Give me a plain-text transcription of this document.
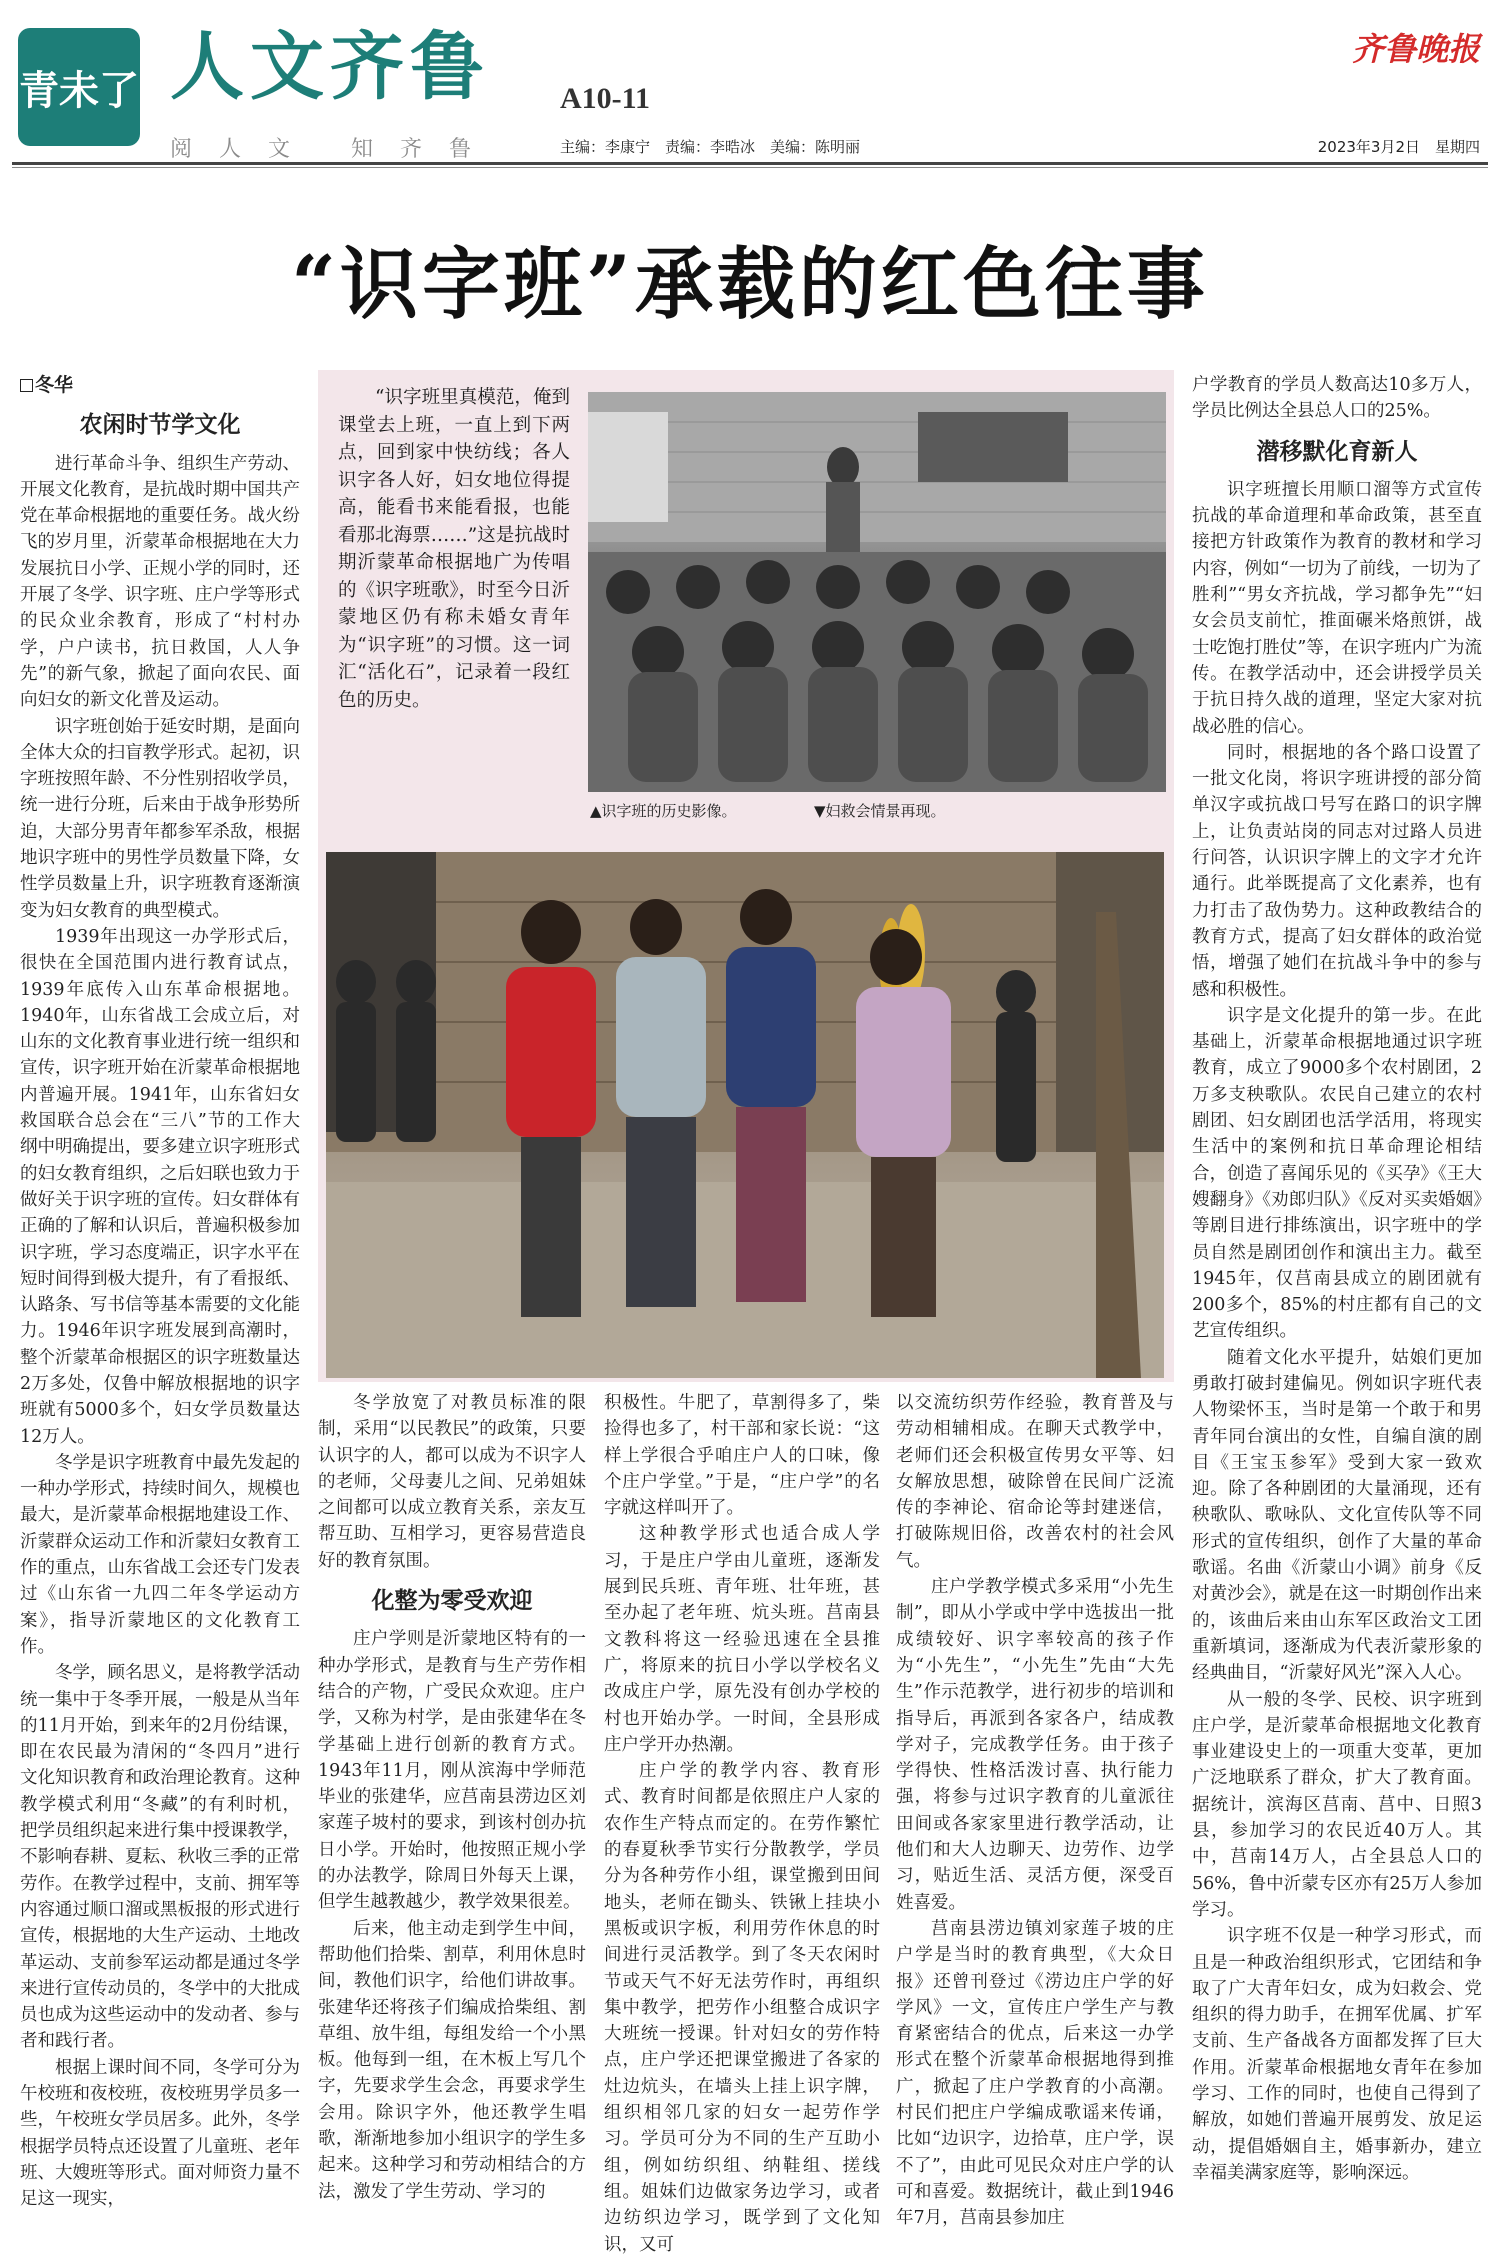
青未了 人文齐鲁 A10-11
阅人文 知齐鲁	主编：李康宁　责编：李晧冰　美编：陈明丽
齐鲁晚报
2023年3月2日　星期四
“识字班”承载的红色往事
冬华
农闲时节学文化

进行革命斗争、组织生产劳动、开展文化教育，是抗战时期中国共产党在革命根据地的重要任务。战火纷飞的岁月里，沂蒙革命根据地在大力发展抗日小学、正规小学的同时，还开展了冬学、识字班、庄户学等形式的民众业余教育，形成了“村村办学，户户读书，抗日救国，人人争先”的新气象，掀起了面向农民、面向妇女的新文化普及运动。

识字班创始于延安时期，是面向全体大众的扫盲教学形式。起初，识字班按照年龄、不分性别招收学员，统一进行分班，后来由于战争形势所迫，大部分男青年都参军杀敌，根据地识字班中的男性学员数量下降，女性学员数量上升，识字班教育逐渐演变为妇女教育的典型模式。

1939年出现这一办学形式后，很快在全国范围内进行教育试点，1939年底传入山东革命根据地。1940年，山东省战工会成立后，对山东的文化教育事业进行统一组织和宣传，识字班开始在沂蒙革命根据地内普遍开展。1941年，山东省妇女救国联合总会在“三八”节的工作大纲中明确提出，要多建立识字班形式的妇女教育组织，之后妇联也致力于做好关于识字班的宣传。妇女群体有正确的了解和认识后，普遍积极参加识字班，学习态度端正，识字水平在短时间得到极大提升，有了看报纸、认路条、写书信等基本需要的文化能力。1946年识字班发展到高潮时，整个沂蒙革命根据区的识字班数量达2万多处，仅鲁中解放根据地的识字班就有5000多个，妇女学员数量达12万人。

冬学是识字班教育中最先发起的一种办学形式，持续时间久，规模也最大，是沂蒙革命根据地建设工作、沂蒙群众运动工作和沂蒙妇女教育工作的重点，山东省战工会还专门发表过《山东省一九四二年冬学运动方案》，指导沂蒙地区的文化教育工作。

冬学，顾名思义，是将教学活动统一集中于冬季开展，一般是从当年的11月开始，到来年的2月份结课，即在农民最为清闲的“冬四月”进行文化知识教育和政治理论教育。这种教学模式利用“冬藏”的有利时机，把学员组织起来进行集中授课教学，不影响春耕、夏耘、秋收三季的正常劳作。在教学过程中，支前、拥军等内容通过顺口溜或黑板报的形式进行宣传，根据地的大生产运动、土地改革运动、支前参军运动都是通过冬学来进行宣传动员的，冬学中的大批成员也成为这些运动中的发动者、参与者和践行者。

根据上课时间不同，冬学可分为午校班和夜校班，夜校班男学员多一些，午校班女学员居多。此外，冬学根据学员特点还设置了儿童班、老年班、大嫂班等形式。面对师资力量不足这一现实，

“识字班里真模范，俺到课堂去上班，一直上到下两点，回到家中快纺线；各人识字各人好，妇女地位得提高，能看书来能看报，也能看那北海票……”这是抗战时期沂蒙革命根据地广为传唱的《识字班歌》，时至今日沂蒙地区仍有称未婚女青年为“识字班”的习惯。这一词汇“活化石”，记录着一段红色的历史。

▲识字班的历史影像。	▼妇救会情景再现。

冬学放宽了对教员标准的限制，采用“以民教民”的政策，只要认识字的人，都可以成为不识字人的老师，父母妻儿之间、兄弟姐妹之间都可以成立教育关系，亲友互帮互助、互相学习，更容易营造良好的教育氛围。

化整为零受欢迎

庄户学则是沂蒙地区特有的一种办学形式，是教育与生产劳作相结合的产物，广受民众欢迎。庄户学，又称为村学，是由张建华在冬学基础上进行创新的教育方式。1943年11月，刚从滨海中学师范毕业的张建华，应莒南县涝边区刘家莲子坡村的要求，到该村创办抗日小学。开始时，他按照正规小学的办法教学，除周日外每天上课，但学生越教越少，教学效果很差。

后来，他主动走到学生中间，帮助他们拾柴、割草，利用休息时间，教他们识字，给他们讲故事。张建华还将孩子们编成拾柴组、割草组、放牛组，每组发给一个小黑板。他每到一组，在木板上写几个字，先要求学生会念，再要求学生会用。除识字外，他还教学生唱歌，渐渐地参加小组识字的学生多起来。这种学习和劳动相结合的方法，激发了学生劳动、学习的

积极性。牛肥了，草割得多了，柴捡得也多了，村干部和家长说：“这样上学很合乎咱庄户人的口味，像个庄户学堂。”于是，“庄户学”的名字就这样叫开了。

这种教学形式也适合成人学习，于是庄户学由儿童班，逐渐发展到民兵班、青年班、壮年班，甚至办起了老年班、炕头班。莒南县文教科将这一经验迅速在全县推广，将原来的抗日小学以学校名义改成庄户学，原先没有创办学校的村也开始办学。一时间，全县形成庄户学开办热潮。

庄户学的教学内容、教育形式、教育时间都是依照庄户人家的农作生产特点而定的。在劳作繁忙的春夏秋季节实行分散教学，学员分为各种劳作小组，课堂搬到田间地头，老师在锄头、铁锹上挂块小黑板或识字板，利用劳作休息的时间进行灵活教学。到了冬天农闲时节或天气不好无法劳作时，再组织集中教学，把劳作小组整合成识字大班统一授课。针对妇女的劳作特点，庄户学还把课堂搬进了各家的灶边炕头，在墙头上挂上识字牌，组织相邻几家的妇女一起劳作学习。学员可分为不同的生产互助小组，例如纺织组、纳鞋组、搓线组。姐妹们边做家务边学习，或者边纺织边学习，既学到了文化知识，又可

以交流纺织劳作经验，教育普及与劳动相辅相成。在聊天式教学中，老师们还会积极宣传男女平等、妇女解放思想，破除曾在民间广泛流传的李神论、宿命论等封建迷信，打破陈规旧俗，改善农村的社会风气。

庄户学教学模式多采用“小先生制”，即从小学或中学中选拔出一批成绩较好、识字率较高的孩子作为“小先生”，“小先生”先由“大先生”作示范教学，进行初步的培训和指导后，再派到各家各户，结成教学对子，完成教学任务。由于孩子学得快、性格活泼讨喜、执行能力强，将参与过识字教育的儿童派往田间或各家家里进行教学活动，让他们和大人边聊天、边劳作、边学习，贴近生活、灵活方便，深受百姓喜爱。

莒南县涝边镇刘家莲子坡的庄户学是当时的教育典型，《大众日报》还曾刊登过《涝边庄户学的好学风》一文，宣传庄户学生产与教育紧密结合的优点，后来这一办学形式在整个沂蒙革命根据地得到推广，掀起了庄户学教育的小高潮。村民们把庄户学编成歌谣来传诵，比如“边识字，边拾草，庄户学，误不了”，由此可见民众对庄户学的认可和喜爱。数据统计，截止到1946年7月，莒南县参加庄

户学教育的学员人数高达10多万人，学员比例达全县总人口的25%。

潜移默化育新人

识字班擅长用顺口溜等方式宣传抗战的革命道理和革命政策，甚至直接把方针政策作为教育的教材和学习内容，例如“一切为了前线，一切为了胜利”“男女齐抗战，学习都争先”“妇女会员支前忙，推面碾米烙煎饼，战士吃饱打胜仗”等，在识字班内广为流传。在教学活动中，还会讲授学员关于抗日持久战的道理，坚定大家对抗战必胜的信心。

同时，根据地的各个路口设置了一批文化岗，将识字班讲授的部分简单汉字或抗战口号写在路口的识字牌上，让负责站岗的同志对过路人员进行问答，认识识字牌上的文字才允许通行。此举既提高了文化素养，也有力打击了敌伪势力。这种政教结合的教育方式，提高了妇女群体的政治觉悟，增强了她们在抗战斗争中的参与感和积极性。

识字是文化提升的第一步。在此基础上，沂蒙革命根据地通过识字班教育，成立了9000多个农村剧团，2万多支秧歌队。农民自己建立的农村剧团、妇女剧团也活学活用，将现实生活中的案例和抗日革命理论相结合，创造了喜闻乐见的《买孕》《王大嫂翻身》《劝郎归队》《反对买卖婚姻》等剧目进行排练演出，识字班中的学员自然是剧团创作和演出主力。截至1945年，仅莒南县成立的剧团就有200多个，85%的村庄都有自己的文艺宣传组织。

随着文化水平提升，姑娘们更加勇敢打破封建偏见。例如识字班代表人物梁怀玉，当时是第一个敢于和男青年同台演出的女性，自编自演的剧目《王宝玉参军》受到大家一致欢迎。除了各种剧团的大量涌现，还有秧歌队、歌咏队、文化宣传队等不同形式的宣传组织，创作了大量的革命歌谣。名曲《沂蒙山小调》前身《反对黄沙会》，就是在这一时期创作出来的，该曲后来由山东军区政治文工团重新填词，逐渐成为代表沂蒙形象的经典曲目，“沂蒙好风光”深入人心。

从一般的冬学、民校、识字班到庄户学，是沂蒙革命根据地文化教育事业建设史上的一项重大变革，更加广泛地联系了群众，扩大了教育面。据统计，滨海区莒南、莒中、日照3县，参加学习的农民近40万人。其中，莒南14万人，占全县总人口的56%，鲁中沂蒙专区亦有25万人参加学习。

识字班不仅是一种学习形式，而且是一种政治组织形式，它团结和争取了广大青年妇女，成为妇救会、党组织的得力助手，在拥军优属、扩军支前、生产备战各方面都发挥了巨大作用。沂蒙革命根据地女青年在参加学习、工作的同时，也使自己得到了解放，如她们普遍开展剪发、放足运动，提倡婚姻自主，婚事新办，建立幸福美满家庭等，影响深远。
